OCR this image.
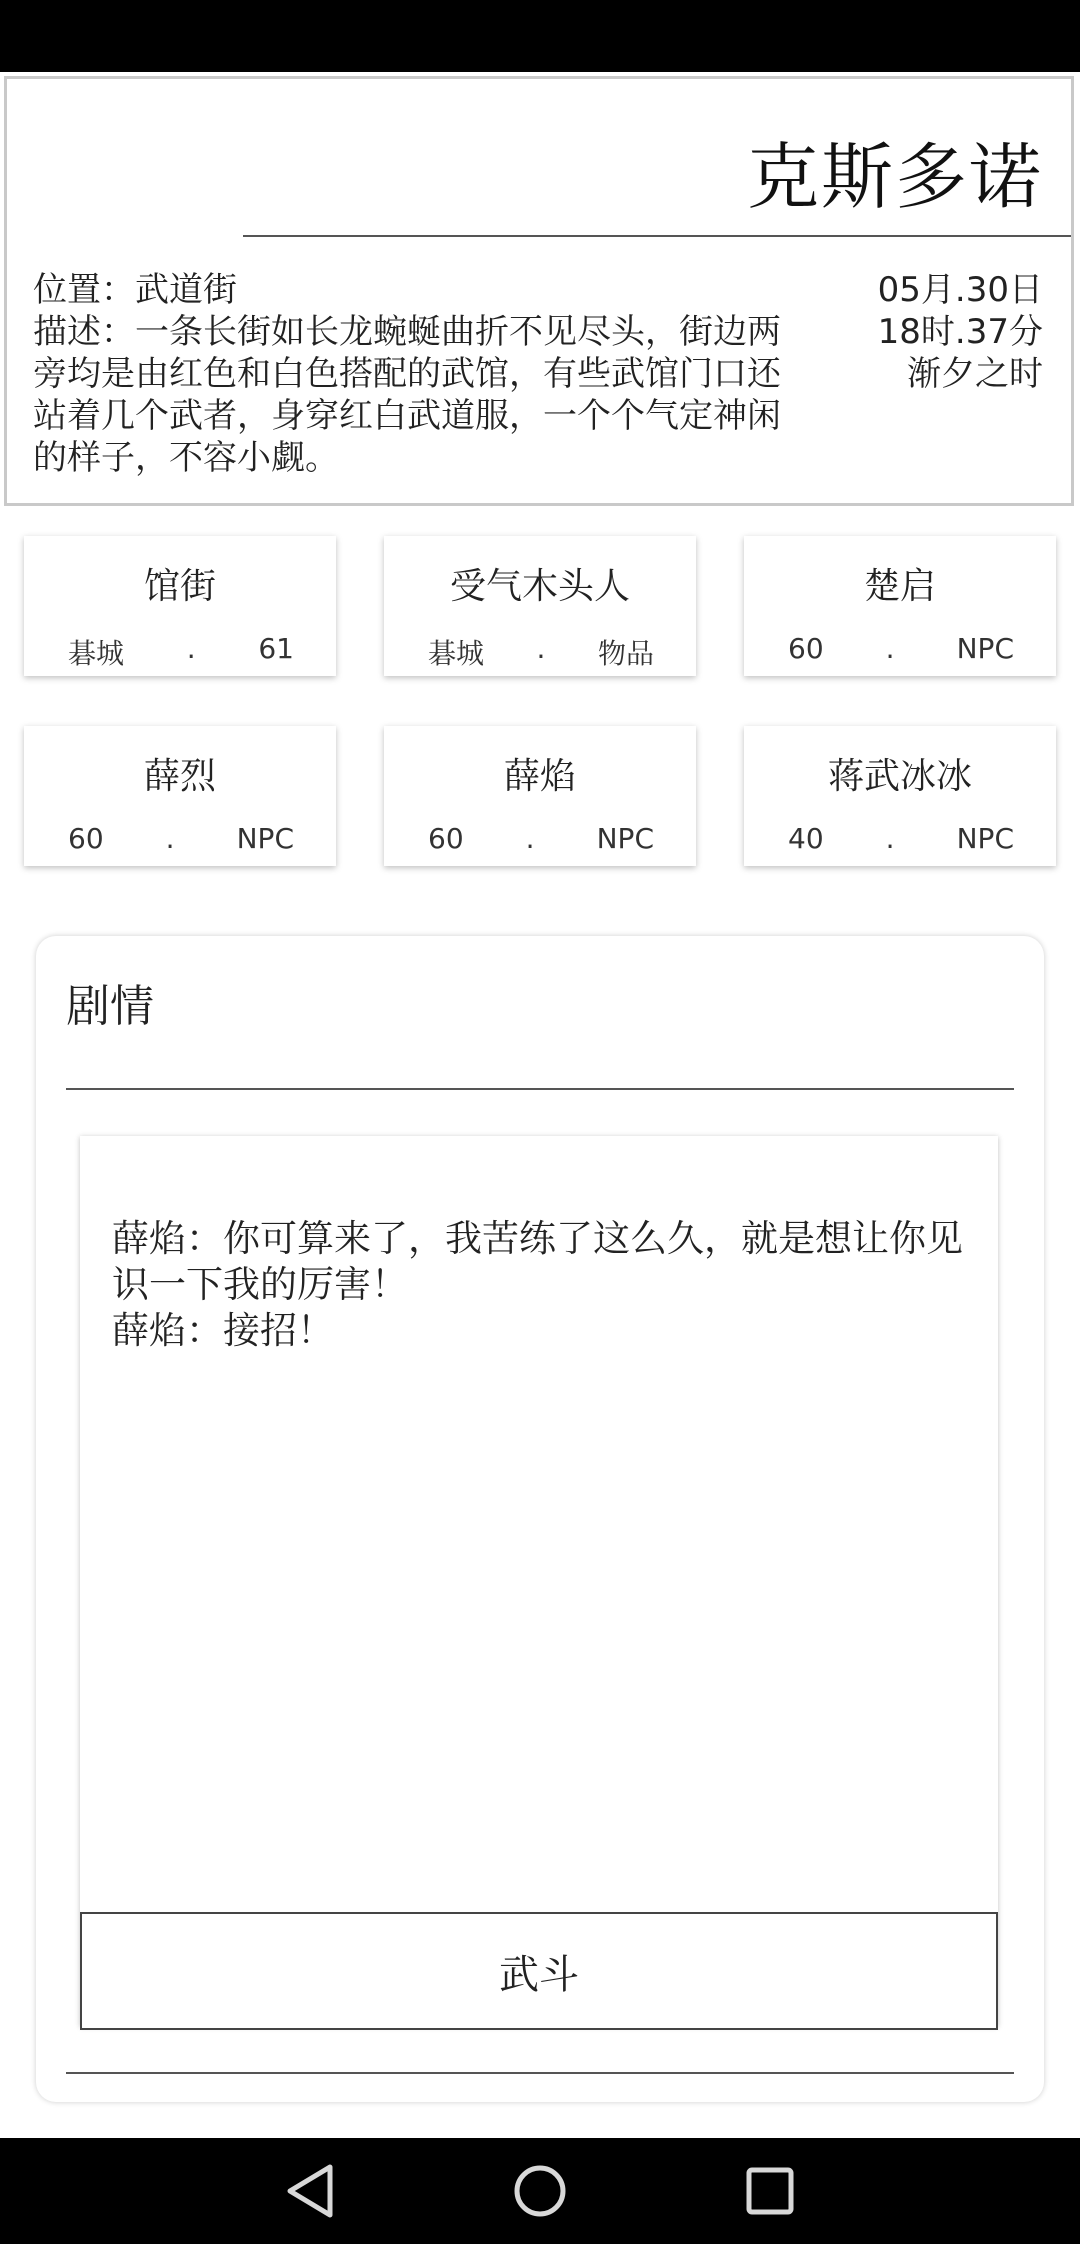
克斯多诺
位置：武道街
描述：一条长街如长龙蜿蜒曲折不见尽头，街边两旁均是由红色和白色搭配的武馆，有些武馆门口还站着几个武者，身穿红白武道服，一个个气定神闲的样子，不容小觑。
05月.30日
18时.37分
渐夕之时
馆街
碁城 . 61
受气木头人
碁城 . 物品
楚启
60 . NPC
薛烈
60 . NPC
薛焰
60 . NPC
蒋武冰冰
40 . NPC
剧情
薛焰：你可算来了，我苦练了这么久，就是想让你见识一下我的厉害！
薛焰：接招！
武斗
